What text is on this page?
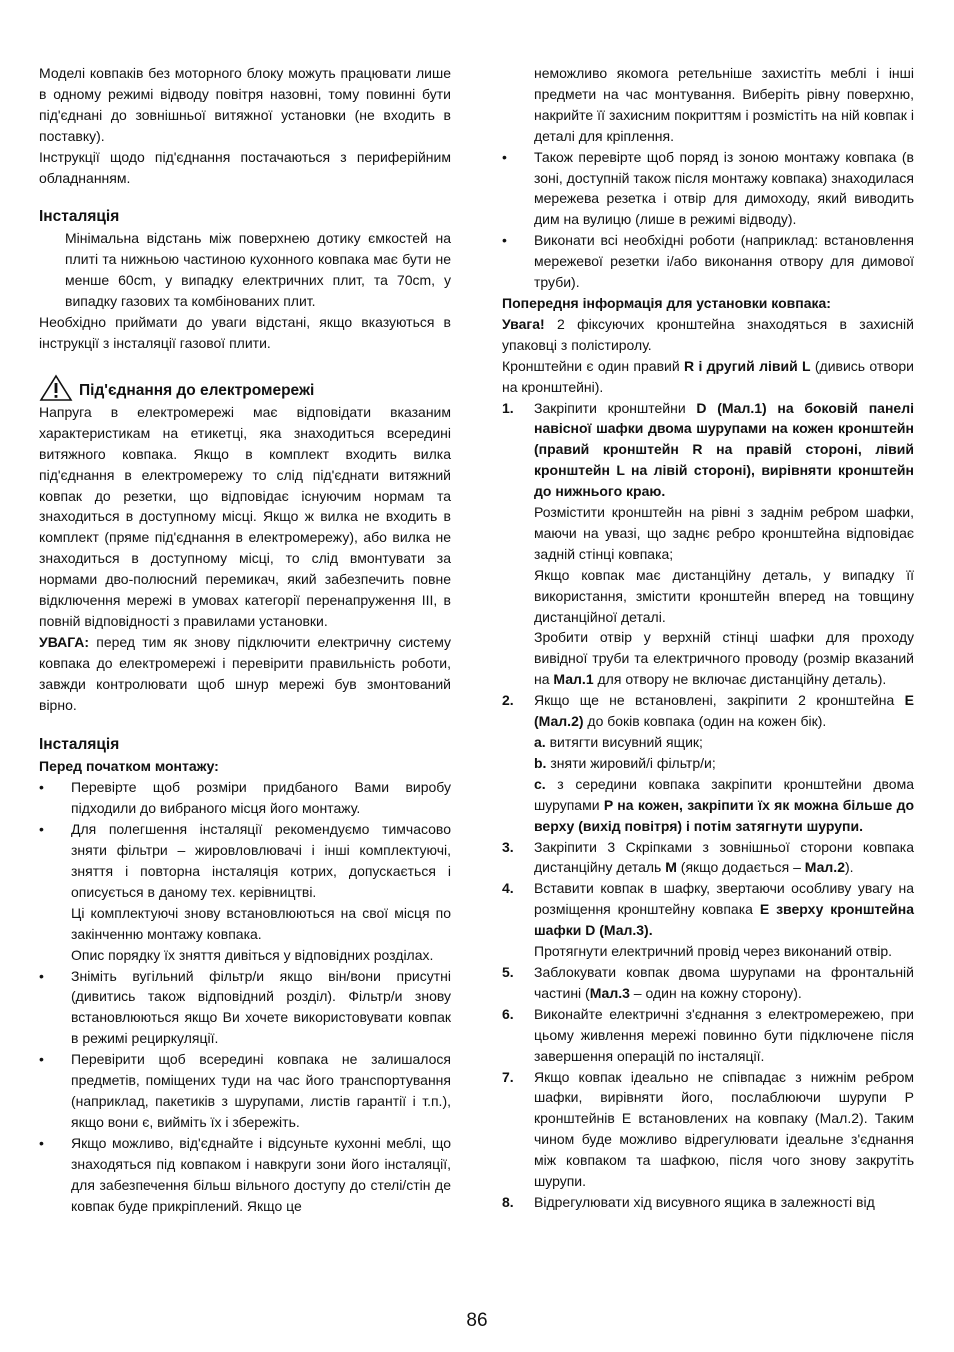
Моделі ковпаків без моторного блоку можуть працювати лише в одному режимі відводу повітря назовні, тому повинні бути під'єднані до зовнішньої витяжної установки (не входить в поставку).

Інструкції щодо під'єднання постачаються з периферійним обладнанням.

Інсталяція

Мінімальна відстань між поверхнею дотику ємкостей на плиті та нижньою частиною кухонного ковпака має бути не менше 60cm, у випадку електричних плит, та 70cm, у випадку газових та комбінованих плит.

Необхідно приймати до уваги відстані, якщо вказуються в інструкції з інсталяції газової плити.

Під'єднання до електромережі

Напруга в електромережі має відповідати вказаним характеристикам на етикетці, яка знаходиться всередині витяжного ковпака. Якщо в комплект входить вилка під'єднання в електромережу то слід під'єднати витяжний ковпак до резетки, що відповідає існуючим нормам та знаходиться в доступному місці. Якщо ж вилка не входить в комплект (пряме під'єднання в електромережу), або вилка не знаходиться в доступному місці, то слід вмонтувати за нормами дво-полюсний перемикач, який забезпечить повне відключення мережі в умовах категорії перенапруження III, в повній відповідності з правилами установки.

УВАГА: перед тим як знову підключити електричну систему ковпака до електромережі і перевірити правильність роботи, завжди контролювати щоб шнур мережі був змонтований вірно.

Інсталяція

Перед початком монтажу:

• Перевірте щоб розміри придбаного Вами виробу підходили до вибраного місця його монтажу.

• Для полегшення інсталяції рекомендуємо тимчасово зняти фільтри – жировловлювачі і інші комплектуючі, зняття і повторна інсталяція котрих, допускається і описується в даному тех. керівництві.

Ці комплектуючі знову встановлюються на свої місця по закінченню монтажу ковпака.

Опис порядку їх зняття дивіться у відповідних розділах.

• Зніміть вугільний фільтр/и якщо він/вони присутні (дивитись також відповідний розділ). Фільтр/и знову встановлюються якщо Ви хочете використовувати ковпак в режимі рециркуляції.

• Перевірити щоб всередині ковпака не залишалося предметів, поміщених туди на час його транспортування (наприклад, пакетиків з шурупами, листів гарантії і т.п.), якщо вони є, вийміть їх і збережіть.

• Якщо можливо, від'єднайте і відсуньте кухонні меблі, що знаходяться під ковпаком і навкруги зони його інсталяції, для забезпечення більш вільного доступу до стелі/стін де ковпак буде прикріплений. Якщо це

неможливо якомога ретельніше захистіть меблі і інші предмети на час монтування. Виберіть рівну поверхню, накрийте її захисним покриттям і розмістіть на ній ковпак і деталі для кріплення.

• Також перевірте щоб поряд із зоною монтажу ковпака (в зоні, доступній також після монтажу ковпака) знаходилася мережева резетка і отвір для димоходу, який виводить дим на вулицю (лише в режимі відводу).

• Виконати всі необхідні роботи (наприклад: встановлення мережевої резетки і/або виконання отвору для димової труби).

Попередня інформація для установки ковпака:

Увага! 2 фіксуючих кронштейна знаходяться в захисній упаковці з полістиролу.

Кронштейни є один правий R і другий лівий L (дивись отвори на кронштейні).

1. Закріпити кронштейни D (Мал.1) на боковій панелі навісної шафки двома шурупами на кожен кронштейн (правий кронштейн R на правій стороні, лівий кронштейн L на лівій стороні), вирівняти кронштейн до нижнього краю.

Розмістити кронштейн на рівні з заднім ребром шафки, маючи на увазі, що заднє ребро кронштейна відповідає задній стінці ковпака;

Якщо ковпак має дистанційну деталь, у випадку її використання, змістити кронштейн вперед на товщину дистанційної деталі.

Зробити отвір у верхній стінці шафки для проходу вивідної труби та електричного проводу (розмір вказаний на Мал.1 для отвору не включає дистанційну деталь).

2. Якщо ще не встановлені, закріпити 2 кронштейна E (Мал.2) до боків ковпака (один на кожен бік).

a. витягти висувний ящик;

b. зняти жировий/і фільтр/и;

c. з середини ковпака закріпити кронштейни двома шурупами P на кожен, закріпити їх як можна більше до верху (вихід повітря) і потім затягнути шурупи.

3. Закріпити 3 Скріпками з зовнішньої сторони ковпака дистанційну деталь M (якщо додається – Мал.2).

4. Вставити ковпак в шафку, звертаючи особливу увагу на розміщення кронштейну ковпака E зверху кронштейна шафки D (Мал.3).

Протягнути електричний провід через виконаний отвір.

5. Заблокувати ковпак двома шурупами на фронтальній частині (Мал.3 – один на кожну сторону).

6. Виконайте електричні з'єднання з електромережею, при цьому живлення мережі повинно бути підключене після завершення операцій по інсталяції.

7. Якщо ковпак ідеально не співпадає з нижнім ребром шафки, вирівняти його, послаблюючи шурупи P кронштейнів E встановлених на ковпаку (Мал.2). Таким чином буде можливо відрегулювати ідеальне з'єднання між ковпаком та шафкою, після чого знову закрутіть шурупи.

8. Відрегулювати хід висувного ящика в залежності від

86
